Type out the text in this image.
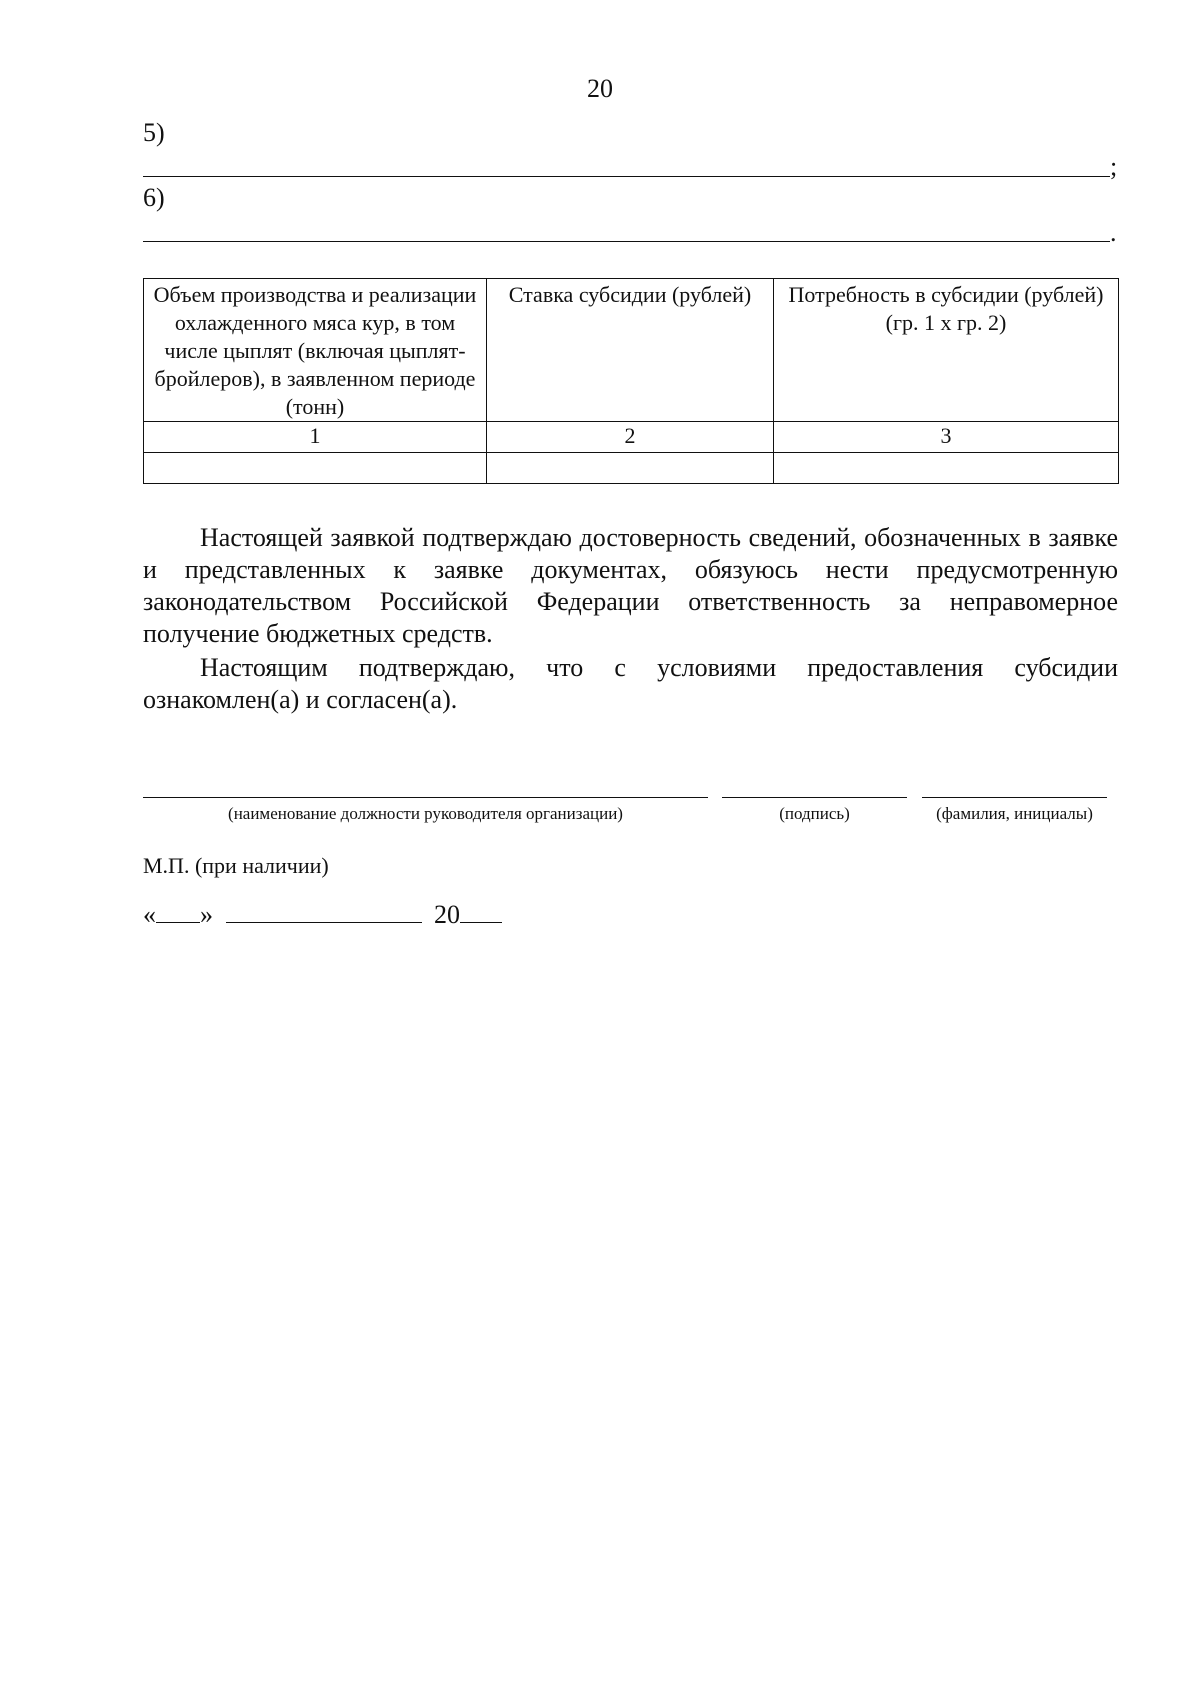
20
5)
;
6)
.
Объем производства и реализации охлажденного мяса кур, в том числе цыплят (включая цыплят-бройлеров), в заявленном периоде (тонн)	Ставка субсидии (рублей)	Потребность в субсидии (рублей) (гр. 1 х гр. 2)
1	2	3

Настоящей заявкой подтверждаю достоверность сведений, обозначенных в заявке и представленных к заявке документах, обязуюсь нести предусмотренную законодательством Российской Федерации ответственность за неправомерное получение бюджетных средств.
Настоящим подтверждаю, что с условиями предоставления субсидии ознакомлен(а) и согласен(а).
(наименование должности руководителя организации)	(подпись)	(фамилия, инициалы)
М.П. (при наличии)
« »	20
